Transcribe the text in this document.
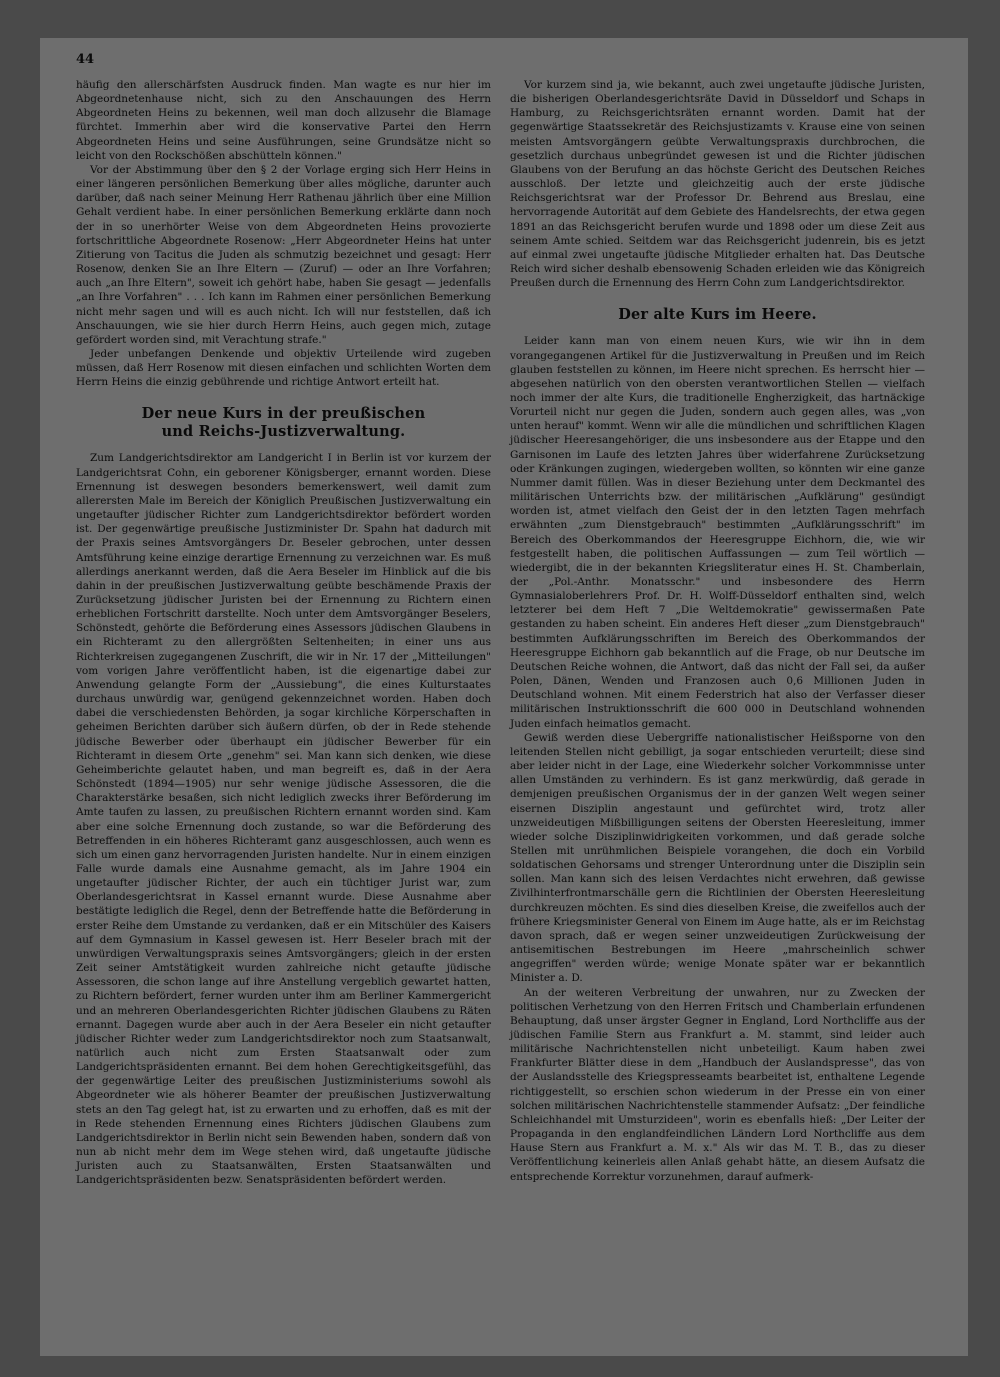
44

häufig den allerschärfsten Ausdruck finden. Man wagte es nur hier im Abgeordnetenhause nicht, sich zu den Anschauungen des Herrn Abgeordneten Heins zu bekennen, weil man doch allzusehr die Blamage fürchtet. Immerhin aber wird die konservative Partei den Herrn Abgeordneten Heins und seine Ausführungen, seine Grundsätze nicht so leicht von den Rockschößen abschütteln können."

Vor der Abstimmung über den § 2 der Vorlage erging sich Herr Heins in einer längeren persönlichen Bemerkung über alles mögliche, darunter auch darüber, daß nach seiner Meinung Herr Rathenau jährlich über eine Million Gehalt verdient habe. In einer persönlichen Bemerkung erklärte dann noch der in so unerhörter Weise von dem Abgeordneten Heins provozierte fortschrittliche Abgeordnete Rosenow: „Herr Abgeordneter Heins hat unter Zitierung von Tacitus die Juden als schmutzig bezeichnet und gesagt: Herr Rosenow, denken Sie an Ihre Eltern — (Zuruf) — oder an Ihre Vorfahren; auch „an Ihre Eltern", soweit ich gehört habe, haben Sie gesagt — jedenfalls „an Ihre Vorfahren" . . . Ich kann im Rahmen einer persönlichen Bemerkung nicht mehr sagen und will es auch nicht. Ich will nur feststellen, daß ich Anschauungen, wie sie hier durch Herrn Heins, auch gegen mich, zutage gefördert worden sind, mit Verachtung strafe."

Jeder unbefangen Denkende und objektiv Urteilende wird zugeben müssen, daß Herr Rosenow mit diesen einfachen und schlichten Worten dem Herrn Heins die einzig gebührende und richtige Antwort erteilt hat.

Der neue Kurs in der preußischen
und Reichs-Justizverwaltung.

Zum Landgerichtsdirektor am Landgericht I in Berlin ist vor kurzem der Landgerichtsrat Cohn, ein geborener Königsberger, ernannt worden. Diese Ernennung ist deswegen besonders bemerkenswert, weil damit zum allerersten Male im Bereich der Königlich Preußischen Justizverwaltung ein ungetaufter jüdischer Richter zum Landgerichtsdirektor befördert worden ist. Der gegenwärtige preußische Justizminister Dr. Spahn hat dadurch mit der Praxis seines Amtsvorgängers Dr. Beseler gebrochen, unter dessen Amtsführung keine einzige derartige Ernennung zu verzeichnen war. Es muß allerdings anerkannt werden, daß die Aera Beseler im Hinblick auf die bis dahin in der preußischen Justizverwaltung geübte beschämende Praxis der Zurücksetzung jüdischer Juristen bei der Ernennung zu Richtern einen erheblichen Fortschritt darstellte. Noch unter dem Amtsvorgänger Beselers, Schönstedt, gehörte die Beförderung eines Assessors jüdischen Glaubens in ein Richteramt zu den allergrößten Seltenheiten; in einer uns aus Richterkreisen zugegangenen Zuschrift, die wir in Nr. 17 der „Mitteilungen" vom vorigen Jahre veröffentlicht haben, ist die eigenartige dabei zur Anwendung gelangte Form der „Aussiebung", die eines Kulturstaates durchaus unwürdig war, genügend gekennzeichnet worden. Haben doch dabei die verschiedensten Behörden, ja sogar kirchliche Körperschaften in geheimen Berichten darüber sich äußern dürfen, ob der in Rede stehende jüdische Bewerber oder überhaupt ein jüdischer Bewerber für ein Richteramt in diesem Orte „genehm" sei. Man kann sich denken, wie diese Geheimberichte gelautet haben, und man begreift es, daß in der Aera Schönstedt (1894—1905) nur sehr wenige jüdische Assessoren, die die Charakterstärke besaßen, sich nicht lediglich zwecks ihrer Beförderung im Amte taufen zu lassen, zu preußischen Richtern ernannt worden sind. Kam aber eine solche Ernennung doch zustande, so war die Beförderung des Betreffenden in ein höheres Richteramt ganz ausgeschlossen, auch wenn es sich um einen ganz hervorragenden Juristen handelte. Nur in einem einzigen Falle wurde damals eine Ausnahme gemacht, als im Jahre 1904 ein ungetaufter jüdischer Richter, der auch ein tüchtiger Jurist war, zum Oberlandesgerichtsrat in Kassel ernannt wurde. Diese Ausnahme aber bestätigte lediglich die Regel, denn der Betreffende hatte die Beförderung in erster Reihe dem Umstande zu verdanken, daß er ein Mitschüler des Kaisers auf dem Gymnasium in Kassel gewesen ist. Herr Beseler brach mit der unwürdigen Verwaltungspraxis seines Amtsvorgängers; gleich in der ersten Zeit seiner Amtstätigkeit wurden zahlreiche nicht getaufte jüdische Assessoren, die schon lange auf ihre Anstellung vergeblich gewartet hatten, zu Richtern befördert, ferner wurden unter ihm am Berliner Kammergericht und an mehreren Oberlandesgerichten Richter jüdischen Glaubens zu Räten ernannt. Dagegen wurde aber auch in der Aera Beseler ein nicht getaufter jüdischer Richter weder zum Landgerichtsdirektor noch zum Staatsanwalt, natürlich auch nicht zum Ersten Staatsanwalt oder zum Landgerichtspräsidenten ernannt. Bei dem hohen Gerechtigkeitsgefühl, das der gegenwärtige Leiter des preußischen Justizministeriums sowohl als Abgeordneter wie als höherer Beamter der preußischen Justizverwaltung stets an den Tag gelegt hat, ist zu erwarten und zu erhoffen, daß es mit der in Rede stehenden Ernennung eines Richters jüdischen Glaubens zum Landgerichtsdirektor in Berlin nicht sein Bewenden haben, sondern daß von nun ab nicht mehr dem im Wege stehen wird, daß ungetaufte jüdische Juristen auch zu Staatsanwälten, Ersten Staatsanwälten und Landgerichtspräsidenten bezw. Senatspräsidenten befördert werden.

Vor kurzem sind ja, wie bekannt, auch zwei ungetaufte jüdische Juristen, die bisherigen Oberlandesgerichtsräte David in Düsseldorf und Schaps in Hamburg, zu Reichsgerichtsräten ernannt worden. Damit hat der gegenwärtige Staatssekretär des Reichsjustizamts v. Krause eine von seinen meisten Amtsvorgängern geübte Verwaltungspraxis durchbrochen, die gesetzlich durchaus unbegründet gewesen ist und die Richter jüdischen Glaubens von der Berufung an das höchste Gericht des Deutschen Reiches ausschloß. Der letzte und gleichzeitig auch der erste jüdische Reichsgerichtsrat war der Professor Dr. Behrend aus Breslau, eine hervorragende Autorität auf dem Gebiete des Handelsrechts, der etwa gegen 1891 an das Reichsgericht berufen wurde und 1898 oder um diese Zeit aus seinem Amte schied. Seitdem war das Reichsgericht judenrein, bis es jetzt auf einmal zwei ungetaufte jüdische Mitglieder erhalten hat. Das Deutsche Reich wird sicher deshalb ebensowenig Schaden erleiden wie das Königreich Preußen durch die Ernennung des Herrn Cohn zum Landgerichtsdirektor.

Der alte Kurs im Heere.

Leider kann man von einem neuen Kurs, wie wir ihn in dem vorangegangenen Artikel für die Justizverwaltung in Preußen und im Reich glauben feststellen zu können, im Heere nicht sprechen. Es herrscht hier — abgesehen natürlich von den obersten verantwortlichen Stellen — vielfach noch immer der alte Kurs, die traditionelle Engherzigkeit, das hartnäckige Vorurteil nicht nur gegen die Juden, sondern auch gegen alles, was „von unten herauf" kommt. Wenn wir alle die mündlichen und schriftlichen Klagen jüdischer Heeresangehöriger, die uns insbesondere aus der Etappe und den Garnisonen im Laufe des letzten Jahres über widerfahrene Zurücksetzung oder Kränkungen zugingen, wiedergeben wollten, so könnten wir eine ganze Nummer damit füllen. Was in dieser Beziehung unter dem Deckmantel des militärischen Unterrichts bzw. der militärischen „Aufklärung" gesündigt worden ist, atmet vielfach den Geist der in den letzten Tagen mehrfach erwähnten „zum Dienstgebrauch" bestimmten „Aufklärungsschrift" im Bereich des Oberkommandos der Heeresgruppe Eichhorn, die, wie wir festgestellt haben, die politischen Auffassungen — zum Teil wörtlich — wiedergibt, die in der bekannten Kriegsliteratur eines H. St. Chamberlain, der „Pol.-Anthr. Monatsschr." und insbesondere des Herrn Gymnasialoberlehrers Prof. Dr. H. Wolff-Düsseldorf enthalten sind, welch letzterer bei dem Heft 7 „Die Weltdemokratie" gewissermaßen Pate gestanden zu haben scheint. Ein anderes Heft dieser „zum Dienstgebrauch" bestimmten Aufklärungsschriften im Bereich des Oberkommandos der Heeresgruppe Eichhorn gab bekanntlich auf die Frage, ob nur Deutsche im Deutschen Reiche wohnen, die Antwort, daß das nicht der Fall sei, da außer Polen, Dänen, Wenden und Franzosen auch 0,6 Millionen Juden in Deutschland wohnen. Mit einem Federstrich hat also der Verfasser dieser militärischen Instruktionsschrift die 600 000 in Deutschland wohnenden Juden einfach heimatlos gemacht.

Gewiß werden diese Uebergriffe nationalistischer Heißsporne von den leitenden Stellen nicht gebilligt, ja sogar entschieden verurteilt; diese sind aber leider nicht in der Lage, eine Wiederkehr solcher Vorkommnisse unter allen Umständen zu verhindern. Es ist ganz merkwürdig, daß gerade in demjenigen preußischen Organismus der in der ganzen Welt wegen seiner eisernen Disziplin angestaunt und gefürchtet wird, trotz aller unzweideutigen Mißbilligungen seitens der Obersten Heeresleitung, immer wieder solche Disziplinwidrigkeiten vorkommen, und daß gerade solche Stellen mit unrühmlichen Beispiele vorangehen, die doch ein Vorbild soldatischen Gehorsams und strenger Unterordnung unter die Disziplin sein sollen. Man kann sich des leisen Verdachtes nicht erwehren, daß gewisse Zivilhinterfrontmarschälle gern die Richtlinien der Obersten Heeresleitung durchkreuzen möchten. Es sind dies dieselben Kreise, die zweifellos auch der frühere Kriegsminister General von Einem im Auge hatte, als er im Reichstag davon sprach, daß er wegen seiner unzweideutigen Zurückweisung der antisemitischen Bestrebungen im Heere „mahrscheinlich schwer angegriffen" werden würde; wenige Monate später war er bekanntlich Minister a. D.

An der weiteren Verbreitung der unwahren, nur zu Zwecken der politischen Verhetzung von den Herren Fritsch und Chamberlain erfundenen Behauptung, daß unser ärgster Gegner in England, Lord Northcliffe aus der jüdischen Familie Stern aus Frankfurt a. M. stammt, sind leider auch militärische Nachrichtenstellen nicht unbeteiligt. Kaum haben zwei Frankfurter Blätter diese in dem „Handbuch der Auslandspresse", das von der Auslandsstelle des Kriegspresseamts bearbeitet ist, enthaltene Legende richtiggestellt, so erschien schon wiederum in der Presse ein von einer solchen militärischen Nachrichtenstelle stammender Aufsatz: „Der feindliche Schleichhandel mit Umsturzideen", worin es ebenfalls hieß: „Der Leiter der Propaganda in den englandfeindlichen Ländern Lord Northcliffe aus dem Hause Stern aus Frankfurt a. M. x." Als wir das M. T. B., das zu dieser Veröffentlichung keinerleis allen Anlaß gehabt hätte, an diesem Aufsatz die entsprechende Korrektur vorzunehmen, darauf aufmerk-
